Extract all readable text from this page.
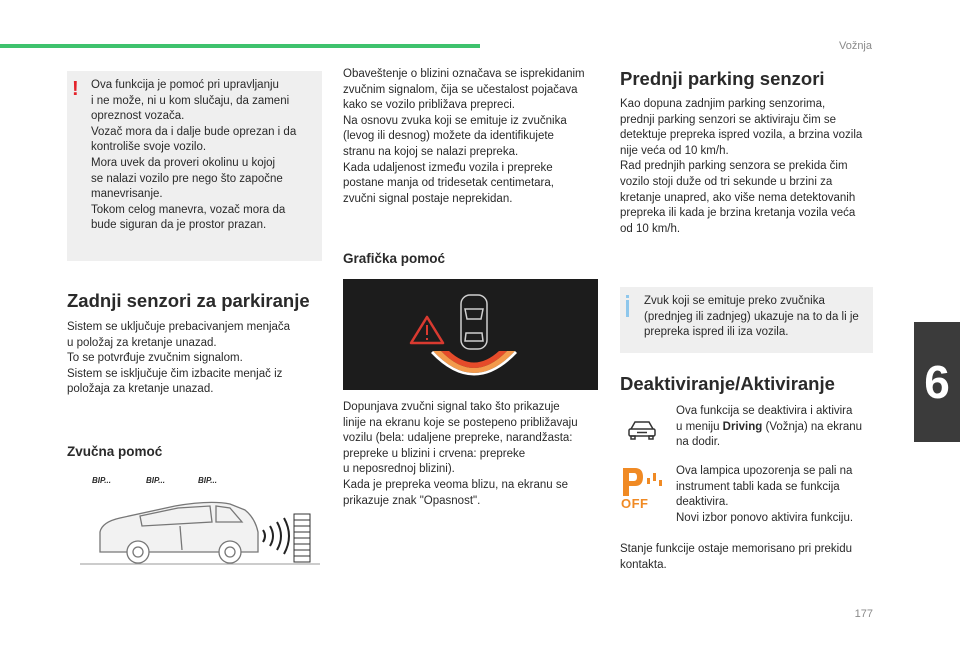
Vožnja
6
177
! Ova funkcija je pomoć pri upravljanju
i ne može, ni u kom slučaju, da zameni
opreznost vozača.
Vozač mora da i dalje bude oprezan i da
kontroliše svoje vozilo.
Mora uvek da proveri okolinu u kojoj
se nalazi vozilo pre nego što započne
manevrisanje.
Tokom celog manevra, vozač mora da
bude siguran da je prostor prazan.

Zadnji senzori za parkiranje

Sistem se uključuje prebacivanjem menjača
u položaj za kretanje unazad.
To se potvrđuje zvučnim signalom.
Sistem se isključuje čim izbacite menjač iz
položaja za kretanje unazad.

Zvučna pomoć
BIP...	BIP...	BIP...

Obaveštenje o blizini označava se isprekidanim
zvučnim signalom, čija se učestalost pojačava
kako se vozilo približava prepreci.
Na osnovu zvuka koji se emituje iz zvučnika
(levog ili desnog) možete da identifikujete
stranu na kojoj se nalazi prepreka.
Kada udaljenost između vozila i prepreke
postane manja od tridesetak centimetara,
zvučni signal postaje neprekidan.

Grafička pomoć

Dopunjava zvučni signal tako što prikazuje
linije na ekranu koje se postepeno približavaju
vozilu (bela: udaljene prepreke, narandžasta:
prepreke u blizini i crvena: prepreke
u neposrednoj blizini).
Kada je prepreka veoma blizu, na ekranu se
prikazuje znak "Opasnost".

Prednji parking senzori

Kao dopuna zadnjim parking senzorima,
prednji parking senzori se aktiviraju čim se
detektuje prepreka ispred vozila, a brzina vozila
nije veća od 10 km/h.
Rad prednjih parking senzora se prekida čim
vozilo stoji duže od tri sekunde u brzini za
kretanje unapred, ako više nema detektovanih
prepreka ili kada je brzina kretanja vozila veća
od 10 km/h.

Zvuk koji se emituje preko zvučnika
(prednjeg ili zadnjeg) ukazuje na to da li je
prepreka ispred ili iza vozila.

Deaktiviranje/Aktiviranje

Ova funkcija se deaktivira i aktivira
u meniju Driving (Vožnja) na ekranu
na dodir.

OFF

Ova lampica upozorenja se pali na
instrument tabli kada se funkcija
deaktivira.
Novi izbor ponovo aktivira funkciju.

Stanje funkcije ostaje memorisano pri prekidu
kontakta.
